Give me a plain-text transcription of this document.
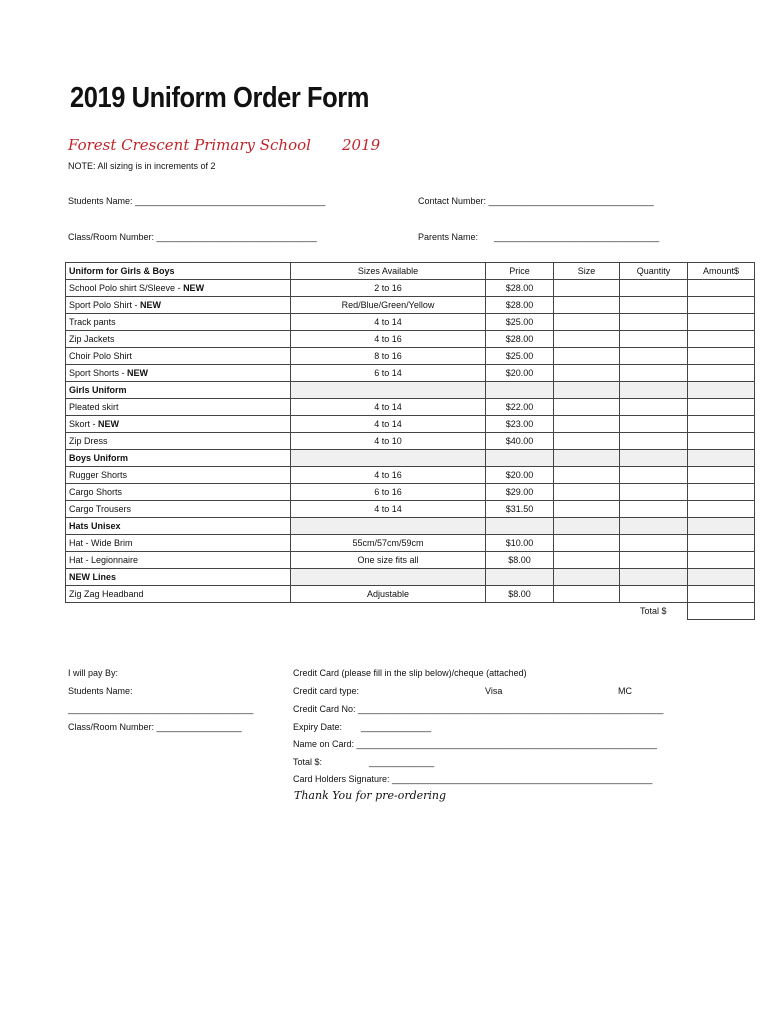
2019 Uniform Order Form
Forest Crescent Primary School 2019
NOTE: All sizing is in increments of 2
Students Name: ______________________________________	Contact Number: _________________________________
Class/Room Number: ________________________________	Parents Name: _________________________________
Uniform for Girls & Boys	Sizes Available	Price	Size	Quantity	Amount$
School Polo shirt S/Sleeve - NEW	2 to 16	$28.00			
Sport Polo Shirt - NEW	Red/Blue/Green/Yellow	$28.00			
Track pants	4 to 14	$25.00			
Zip Jackets	4 to 16	$28.00			
Choir Polo Shirt	8 to 16	$25.00			
Sport Shorts - NEW	6 to 14	$20.00			
Girls Uniform					
Pleated skirt	4 to 14	$22.00			
Skort - NEW	4 to 14	$23.00			
Zip Dress	4 to 10	$40.00			
Boys Uniform					
Rugger Shorts	4 to 16	$20.00			
Cargo Shorts	6 to 16	$29.00			
Cargo Trousers	4 to 14	$31.50			
Hats Unisex					
Hat - Wide Brim	55cm/57cm/59cm	$10.00			
Hat - Legionnaire	One size fits all	$8.00			
NEW Lines					
Zig Zag Headband	Adjustable	$8.00			
				Total $	
I will pay By:
Students Name:
_____________________________________
Class/Room Number: _________________
Credit Card (please fill in the slip below)/cheque (attached)
Credit card type:	Visa	MC
Credit Card No: _____________________________________________________________
Expiry Date: ______________
Name on Card: ____________________________________________________________
Total $:	_____________
Card Holders Signature: ____________________________________________________
Thank You for pre-ordering
